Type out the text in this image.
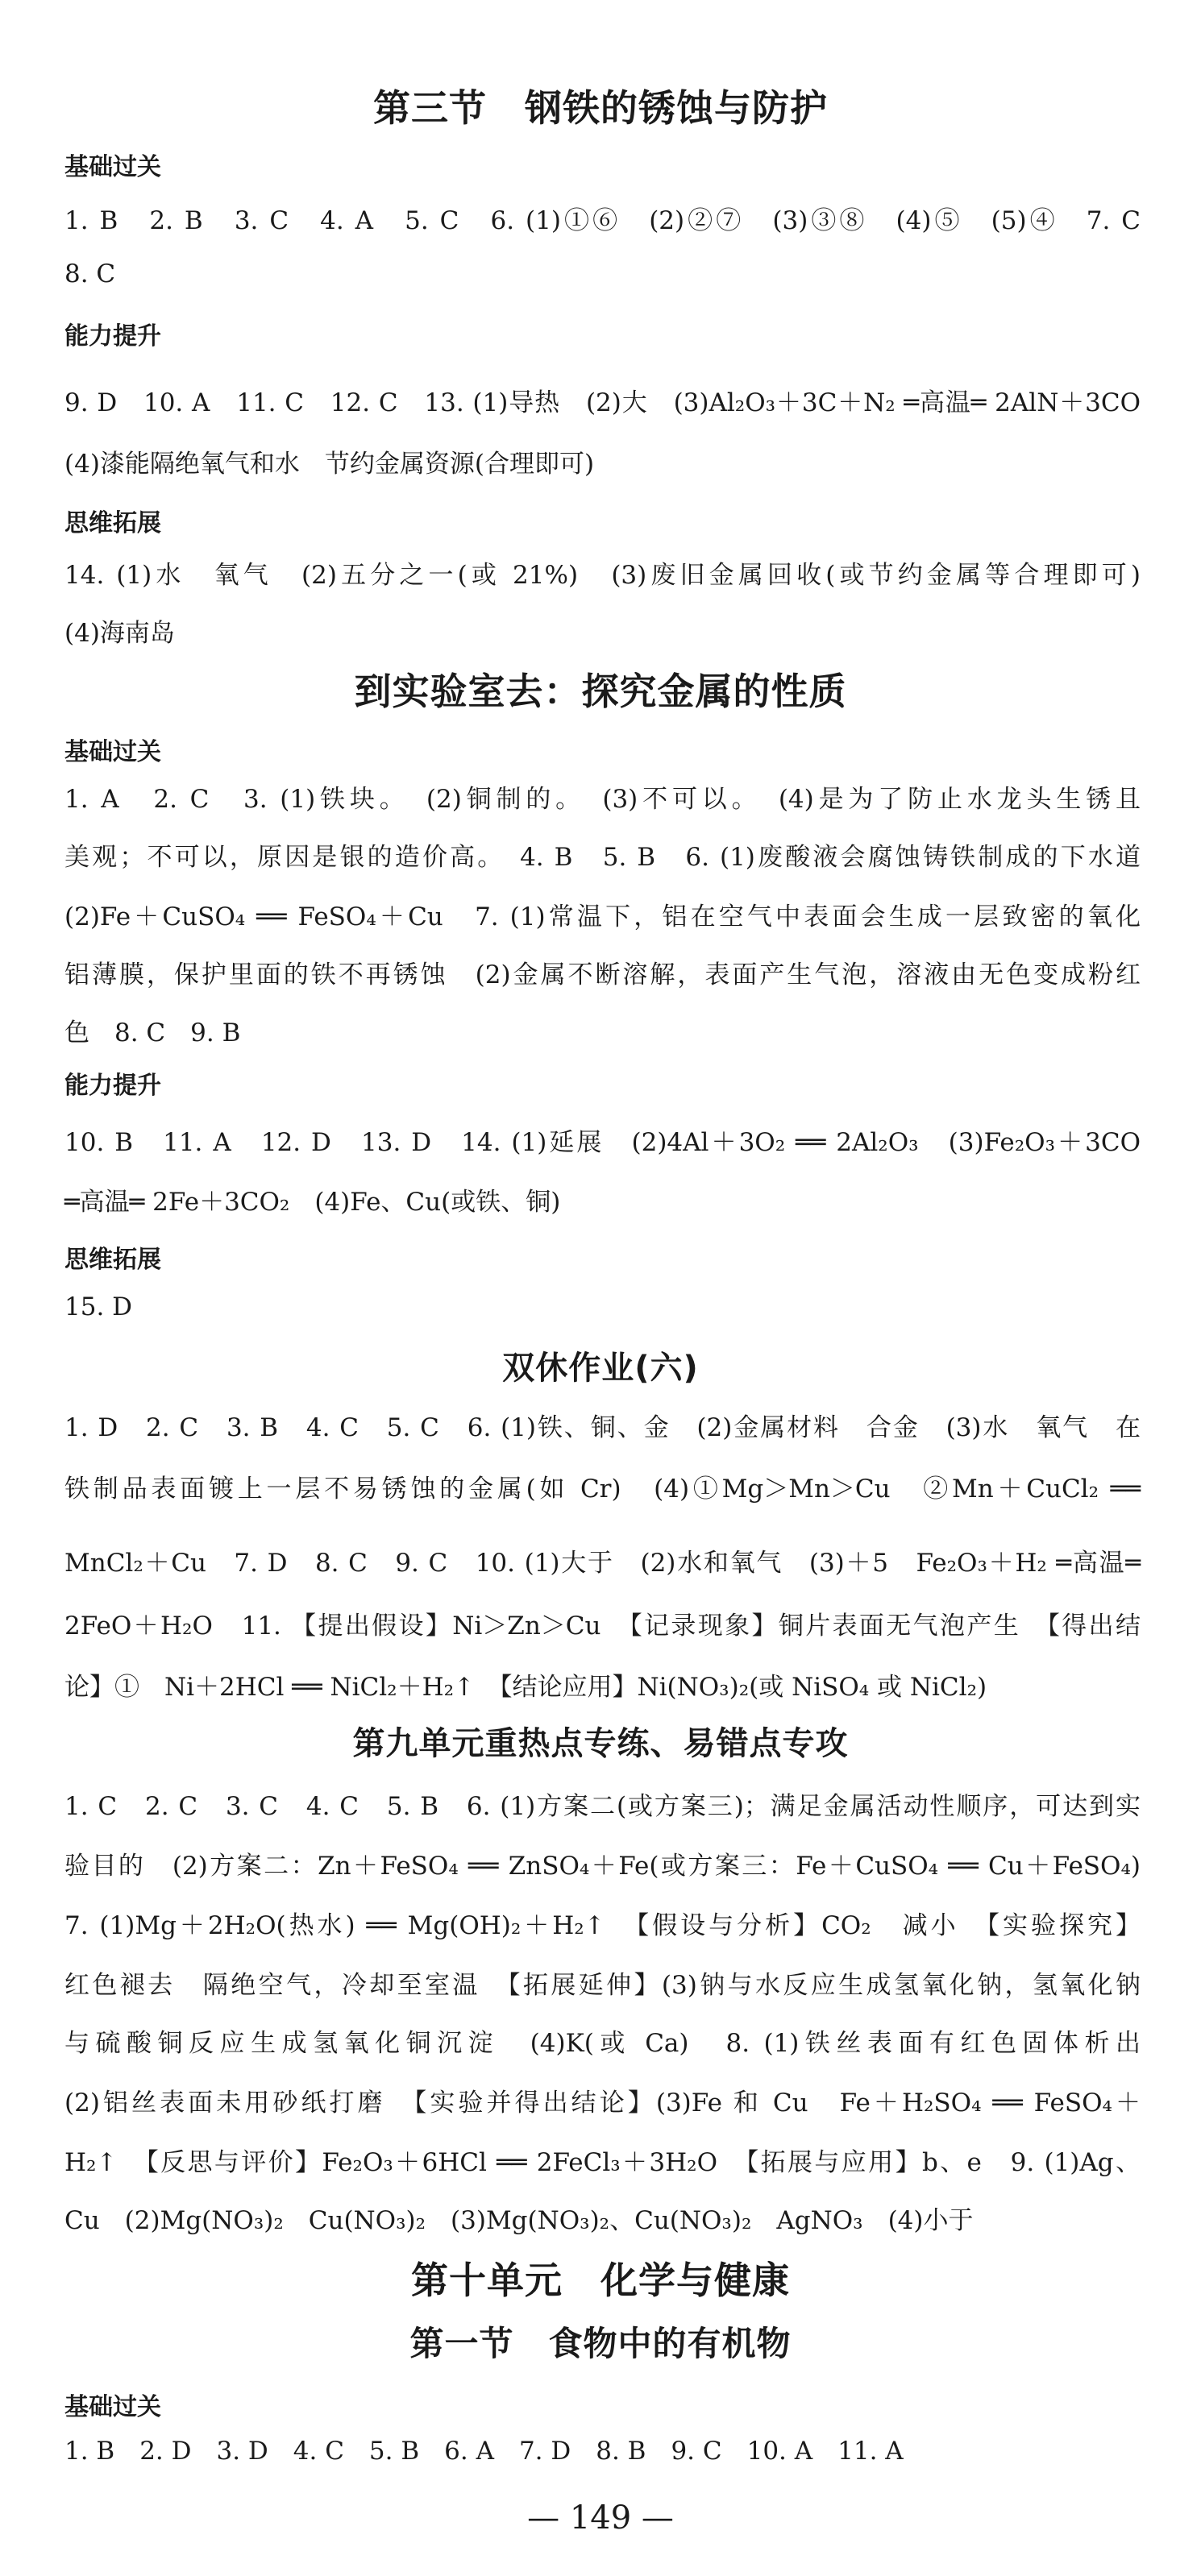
第三节　钢铁的锈蚀与防护
基础过关
1. B　2. B　3. C　4. A　5. C　6. (1)①⑥　(2)②⑦　(3)③⑧　(4)⑤　(5)④　7. C
8. C
能力提升
9. D　10. A　11. C　12. C　13. (1)导热　(2)大　(3)Al₂O₃＋3C＋N₂ ═高温═ 2AlN＋3CO
(4)漆能隔绝氧气和水　节约金属资源(合理即可)
思维拓展
14. (1)水　氧气　(2)五分之一(或 21%)　(3)废旧金属回收(或节约金属等合理即可)
(4)海南岛
到实验室去：探究金属的性质
基础过关
1. A　2. C　3. (1)铁块。　(2)铜制的。　(3)不可以。　(4)是为了防止水龙头生锈且
美观；不可以，原因是银的造价高。　4. B　5. B　6. (1)废酸液会腐蚀铸铁制成的下水道
(2)Fe＋CuSO₄ ══ FeSO₄＋Cu　7. (1)常温下，铝在空气中表面会生成一层致密的氧化
铝薄膜，保护里面的铁不再锈蚀　(2)金属不断溶解，表面产生气泡，溶液由无色变成粉红
色　8. C　9. B
能力提升
10. B　11. A　12. D　13. D　14. (1)延展　(2)4Al＋3O₂ ══ 2Al₂O₃　(3)Fe₂O₃＋3CO
═高温═ 2Fe＋3CO₂　(4)Fe、Cu(或铁、铜)
思维拓展
15. D
双休作业(六)
1. D　2. C　3. B　4. C　5. C　6. (1)铁、铜、金　(2)金属材料　合金　(3)水　氧气　在
铁制品表面镀上一层不易锈蚀的金属(如 Cr)　(4)①Mg＞Mn＞Cu　②Mn＋CuCl₂ ══
MnCl₂＋Cu　7. D　8. C　9. C　10. (1)大于　(2)水和氧气　(3)＋5　Fe₂O₃＋H₂ ═高温═
2FeO＋H₂O　11. 【提出假设】Ni＞Zn＞Cu　【记录现象】铜片表面无气泡产生　【得出结
论】①　Ni＋2HCl ══ NiCl₂＋H₂↑　【结论应用】Ni(NO₃)₂(或 NiSO₄ 或 NiCl₂)
第九单元重热点专练、易错点专攻
1. C　2. C　3. C　4. C　5. B　6. (1)方案二(或方案三)；满足金属活动性顺序，可达到实
验目的　(2)方案二：Zn＋FeSO₄ ══ ZnSO₄＋Fe(或方案三：Fe＋CuSO₄ ══ Cu＋FeSO₄)
7. (1)Mg＋2H₂O(热水) ══ Mg(OH)₂＋H₂↑　【假设与分析】CO₂　减小　【实验探究】
红色褪去　隔绝空气，冷却至室温　【拓展延伸】(3)钠与水反应生成氢氧化钠，氢氧化钠
与硫酸铜反应生成氢氧化铜沉淀　(4)K(或 Ca)　8. (1)铁丝表面有红色固体析出
(2)铝丝表面未用砂纸打磨　【实验并得出结论】(3)Fe 和 Cu　Fe＋H₂SO₄ ══ FeSO₄＋
H₂↑　【反思与评价】Fe₂O₃＋6HCl ══ 2FeCl₃＋3H₂O　【拓展与应用】b、e　9. (1)Ag、
Cu　(2)Mg(NO₃)₂　Cu(NO₃)₂　(3)Mg(NO₃)₂、Cu(NO₃)₂　AgNO₃　(4)小于
第十单元　化学与健康
第一节　食物中的有机物
基础过关
1. B　2. D　3. D　4. C　5. B　6. A　7. D　8. B　9. C　10. A　11. A
— 149 —
